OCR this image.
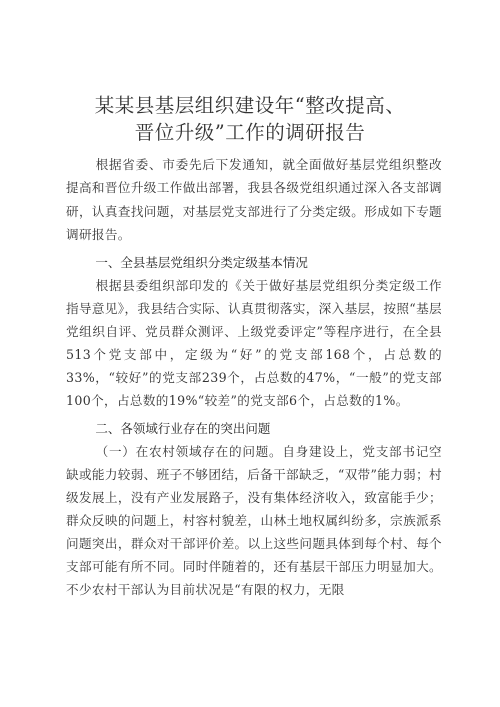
某某县基层组织建设年“整改提高、
晋位升级”工作的调研报告

根据省委、市委先后下发通知，就全面做好基层党组织整改提高和晋位升级工作做出部署，我县各级党组织通过深入各支部调研，认真查找问题，对基层党支部进行了分类定级。形成如下专题调研报告。

一、全县基层党组织分类定级基本情况

根据县委组织部印发的《关于做好基层党组织分类定级工作指导意见》，我县结合实际、认真贯彻落实，深入基层，按照“基层党组织自评、党员群众测评、上级党委评定”等程序进行，在全县513个党支部中，定级为“好”的党支部168个，占总数的33%，“较好”的党支部239个，占总数的47%，“一般”的党支部100个，占总数的19%“较差”的党支部6个，占总数的1%。

二、各领域行业存在的突出问题

（一）在农村领域存在的问题。自身建设上，党支部书记空缺或能力较弱、班子不够团结，后备干部缺乏，“双带”能力弱；村级发展上，没有产业发展路子，没有集体经济收入，致富能手少；群众反映的问题上，村容村貌差，山林土地权属纠纷多，宗族派系问题突出，群众对干部评价差。以上这些问题具体到每个村、每个支部可能有所不同。同时伴随着的，还有基层干部压力明显加大。不少农村干部认为目前状况是“有限的权力，无限
